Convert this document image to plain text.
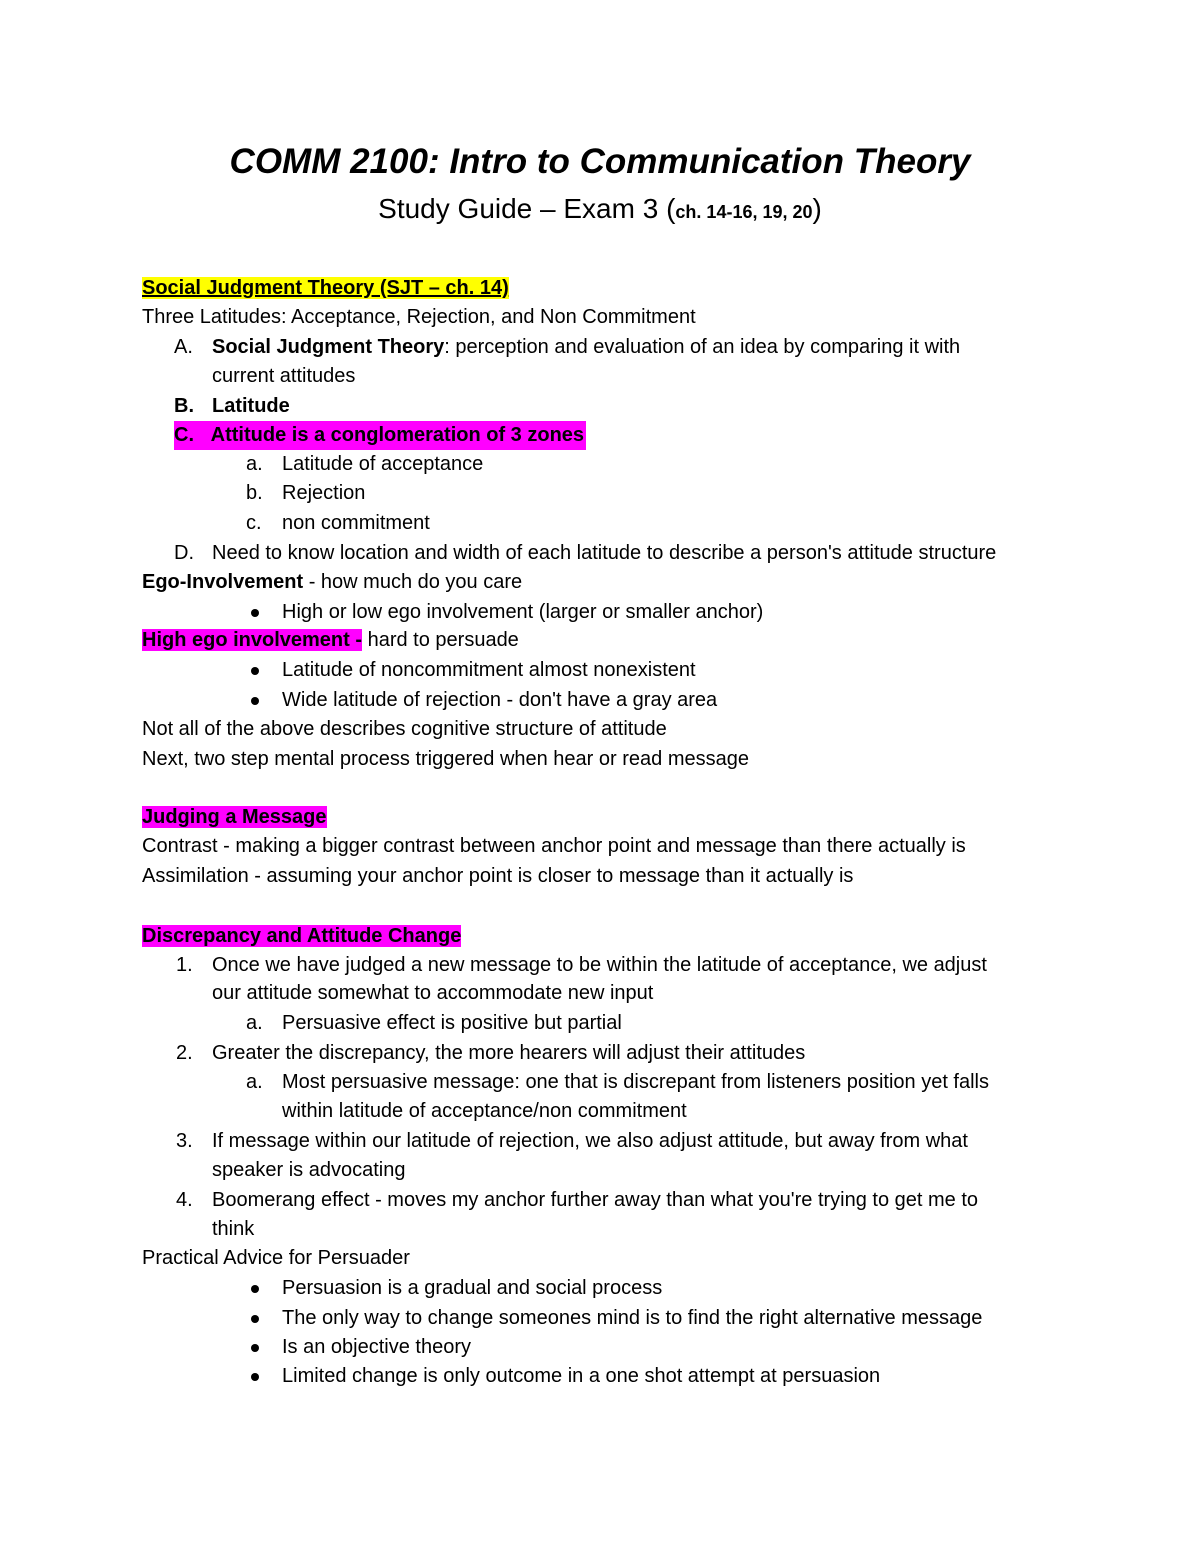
COMM 2100: Intro to Communication Theory
Study Guide – Exam 3 (ch. 14-16, 19, 20)
Social Judgment Theory (SJT – ch. 14)
Three Latitudes: Acceptance, Rejection, and Non Commitment
A. Social Judgment Theory: perception and evaluation of an idea by comparing it with
current attitudes
B. Latitude
C. Attitude is a conglomeration of 3 zones
a. Latitude of acceptance
b. Rejection
c. non commitment
D. Need to know location and width of each latitude to describe a person's attitude structure
Ego-Involvement - how much do you care
High or low ego involvement (larger or smaller anchor)
High ego involvement - hard to persuade
Latitude of noncommitment almost nonexistent
Wide latitude of rejection - don't have a gray area
Not all of the above describes cognitive structure of attitude
Next, two step mental process triggered when hear or read message
Judging a Message
Contrast - making a bigger contrast between anchor point and message than there actually is
Assimilation - assuming your anchor point is closer to message than it actually is
Discrepancy and Attitude Change
1. Once we have judged a new message to be within the latitude of acceptance, we adjust
our attitude somewhat to accommodate new input
a. Persuasive effect is positive but partial
2. Greater the discrepancy, the more hearers will adjust their attitudes
a. Most persuasive message: one that is discrepant from listeners position yet falls
within latitude of acceptance/non commitment
3. If message within our latitude of rejection, we also adjust attitude, but away from what
speaker is advocating
4. Boomerang effect - moves my anchor further away than what you're trying to get me to
think
Practical Advice for Persuader
Persuasion is a gradual and social process
The only way to change someones mind is to find the right alternative message
Is an objective theory
Limited change is only outcome in a one shot attempt at persuasion
